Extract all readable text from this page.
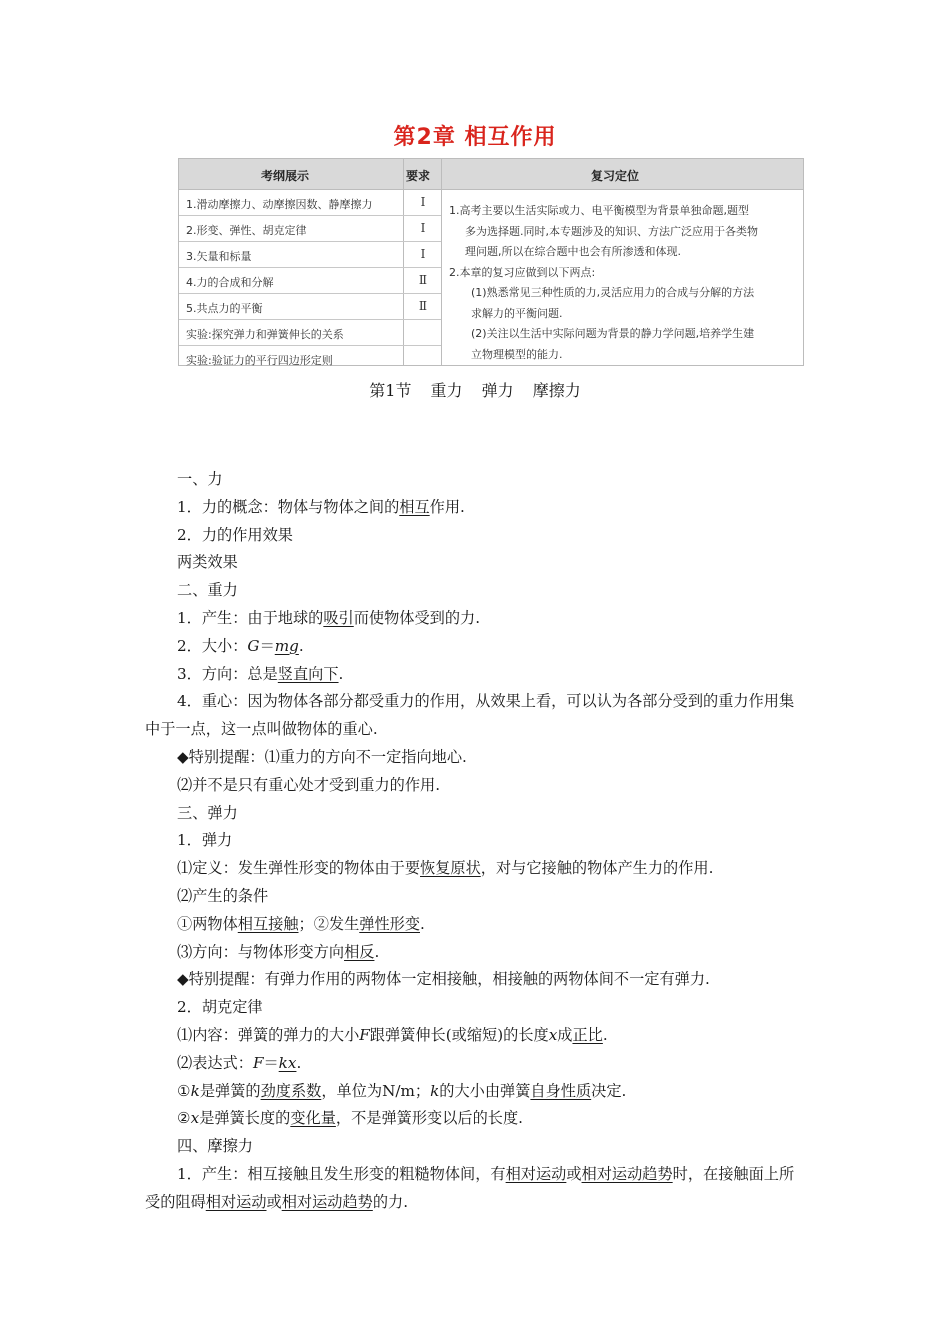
第2章 相互作用
考纲展示	要求	复习定位
1.滑动摩擦力、动摩擦因数、静摩擦力	Ⅰ
2.形变、弹性、胡克定律	Ⅰ
3.矢量和标量	Ⅰ
4.力的合成和分解	Ⅱ
5.共点力的平衡	Ⅱ
实验:探究弹力和弹簧伸长的关系
实验:验证力的平行四边形定则

1.高考主要以生活实际或力、电平衡模型为背景单独命题,题型

多为选择题.同时,本专题涉及的知识、方法广泛应用于各类物

理问题,所以在综合题中也会有所渗透和体现.

2.本章的复习应做到以下两点:

(1)熟悉常见三种性质的力,灵活应用力的合成与分解的方法

求解力的平衡问题.

(2)关注以生活中实际问题为背景的静力学问题,培养学生建

立物理模型的能力.

第1节 重力 弹力 摩擦力

一、力

1．力的概念：物体与物体之间的相互作用.

2．力的作用效果

两类效果

二、重力

1．产生：由于地球的吸引而使物体受到的力.

2．大小：G＝mg.

3．方向：总是竖直向下.

4．重心：因为物体各部分都受重力的作用，从效果上看，可以认为各部分受到的重力作用集中于一点，这一点叫做物体的重心.

◆特别提醒：⑴重力的方向不一定指向地心.

⑵并不是只有重心处才受到重力的作用.

三、弹力

1．弹力

⑴定义：发生弹性形变的物体由于要恢复原状，对与它接触的物体产生力的作用.

⑵产生的条件

①两物体相互接触；②发生弹性形变.

⑶方向：与物体形变方向相反.

◆特别提醒：有弹力作用的两物体一定相接触，相接触的两物体间不一定有弹力.

2．胡克定律

⑴内容：弹簧的弹力的大小F跟弹簧伸长(或缩短)的长度x成正比.

⑵表达式：F＝kx.

①k是弹簧的劲度系数，单位为N/m；k的大小由弹簧自身性质决定.

②x是弹簧长度的变化量，不是弹簧形变以后的长度.

四、摩擦力

1．产生：相互接触且发生形变的粗糙物体间，有相对运动或相对运动趋势时，在接触面上所受的阻碍相对运动或相对运动趋势的力.
